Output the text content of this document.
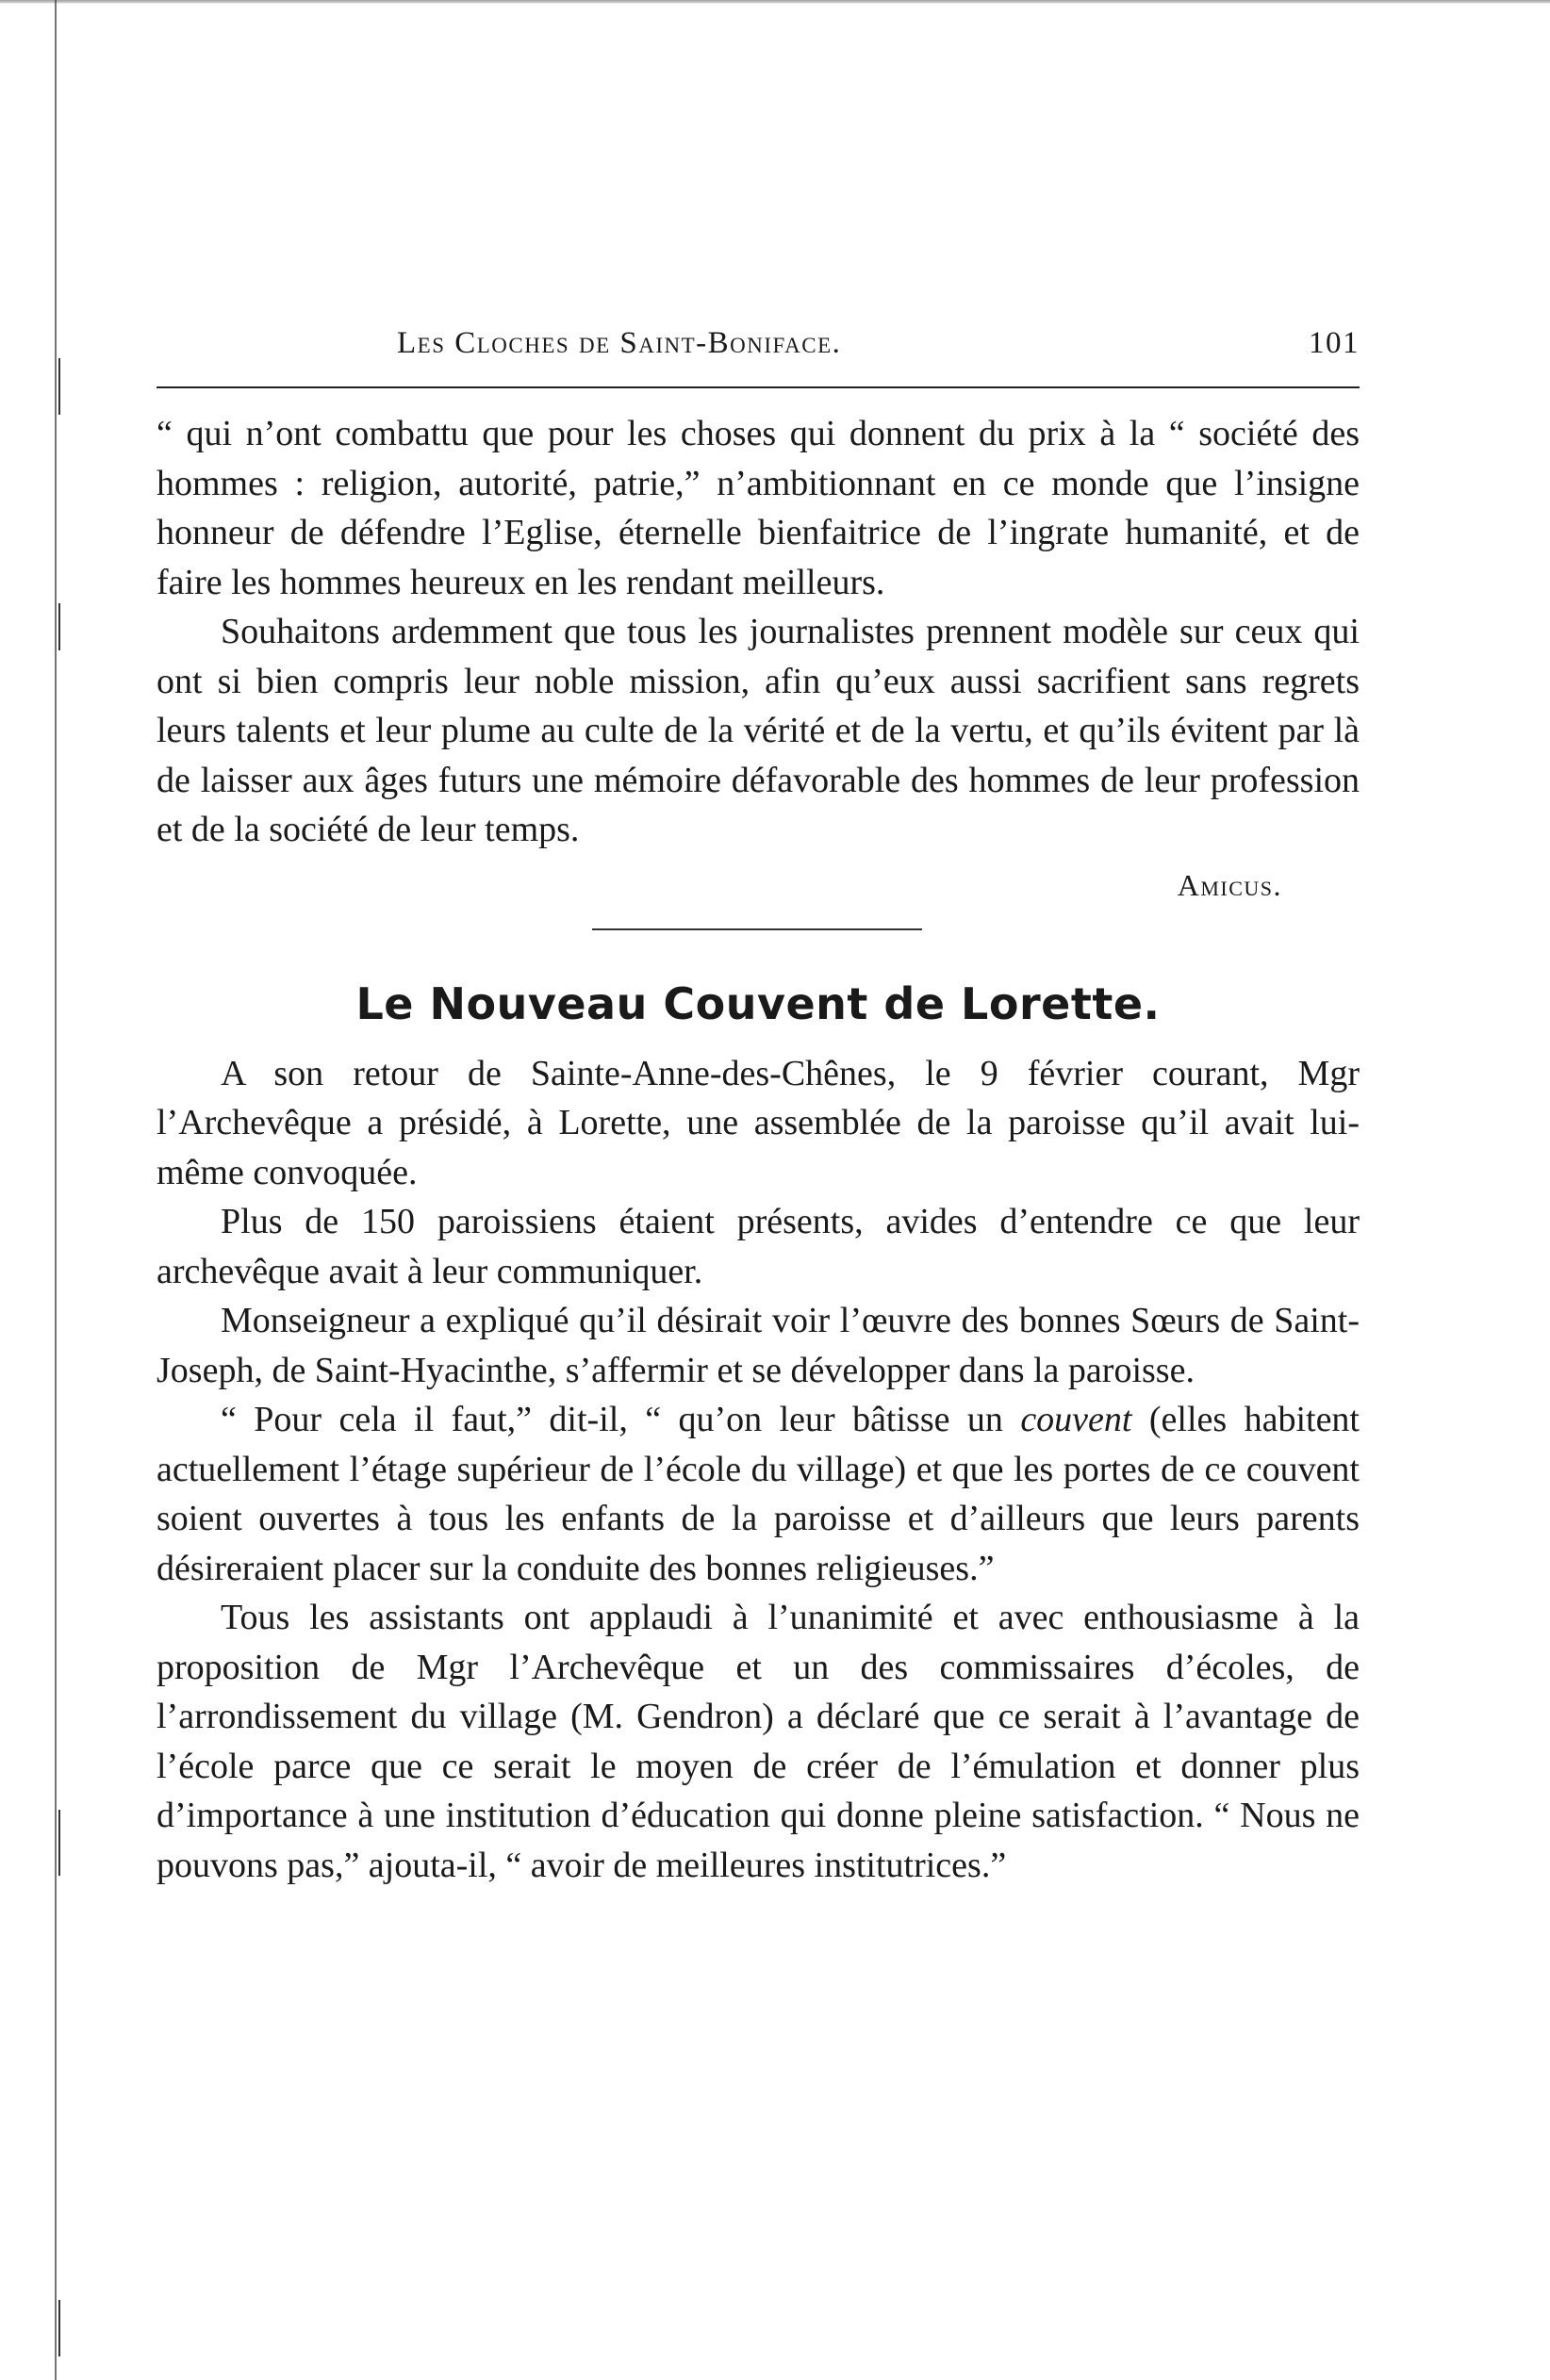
Les Cloches de Saint-Boniface.	101

“ qui n’ont combattu que pour les choses qui donnent du prix à la “ société des hommes : religion, autorité, patrie,” n’ambitionnant en ce monde que l’insigne honneur de défendre l’Eglise, éternelle bienfaitrice de l’ingrate humanité, et de faire les hommes heureux en les rendant meilleurs.

Souhaitons ardemment que tous les journalistes prennent modèle sur ceux qui ont si bien compris leur noble mission, afin qu’eux aussi sacrifient sans regrets leurs talents et leur plume au culte de la vérité et de la vertu, et qu’ils évitent par là de laisser aux âges futurs une mémoire défavorable des hommes de leur profession et de la société de leur temps.

Amicus.
Le Nouveau Couvent de Lorette.

A son retour de Sainte-Anne-des-Chênes, le 9 février courant, Mgr l’Archevêque a présidé, à Lorette, une assemblée de la paroisse qu’il avait lui-même convoquée.

Plus de 150 paroissiens étaient présents, avides d’entendre ce que leur archevêque avait à leur communiquer.

Monseigneur a expliqué qu’il désirait voir l’œuvre des bonnes Sœurs de Saint-Joseph, de Saint-Hyacinthe, s’affermir et se développer dans la paroisse.

“ Pour cela il faut,” dit-il, “ qu’on leur bâtisse un couvent (elles habitent actuellement l’étage supérieur de l’école du village) et que les portes de ce couvent soient ouvertes à tous les enfants de la paroisse et d’ailleurs que leurs parents désireraient placer sur la conduite des bonnes religieuses.”

Tous les assistants ont applaudi à l’unanimité et avec enthousiasme à la proposition de Mgr l’Archevêque et un des commissaires d’écoles, de l’arrondissement du village (M. Gendron) a déclaré que ce serait à l’avantage de l’école parce que ce serait le moyen de créer de l’émulation et donner plus d’importance à une institution d’éducation qui donne pleine satisfaction. “ Nous ne pouvons pas,” ajouta-il, “ avoir de meilleures institutrices.”
